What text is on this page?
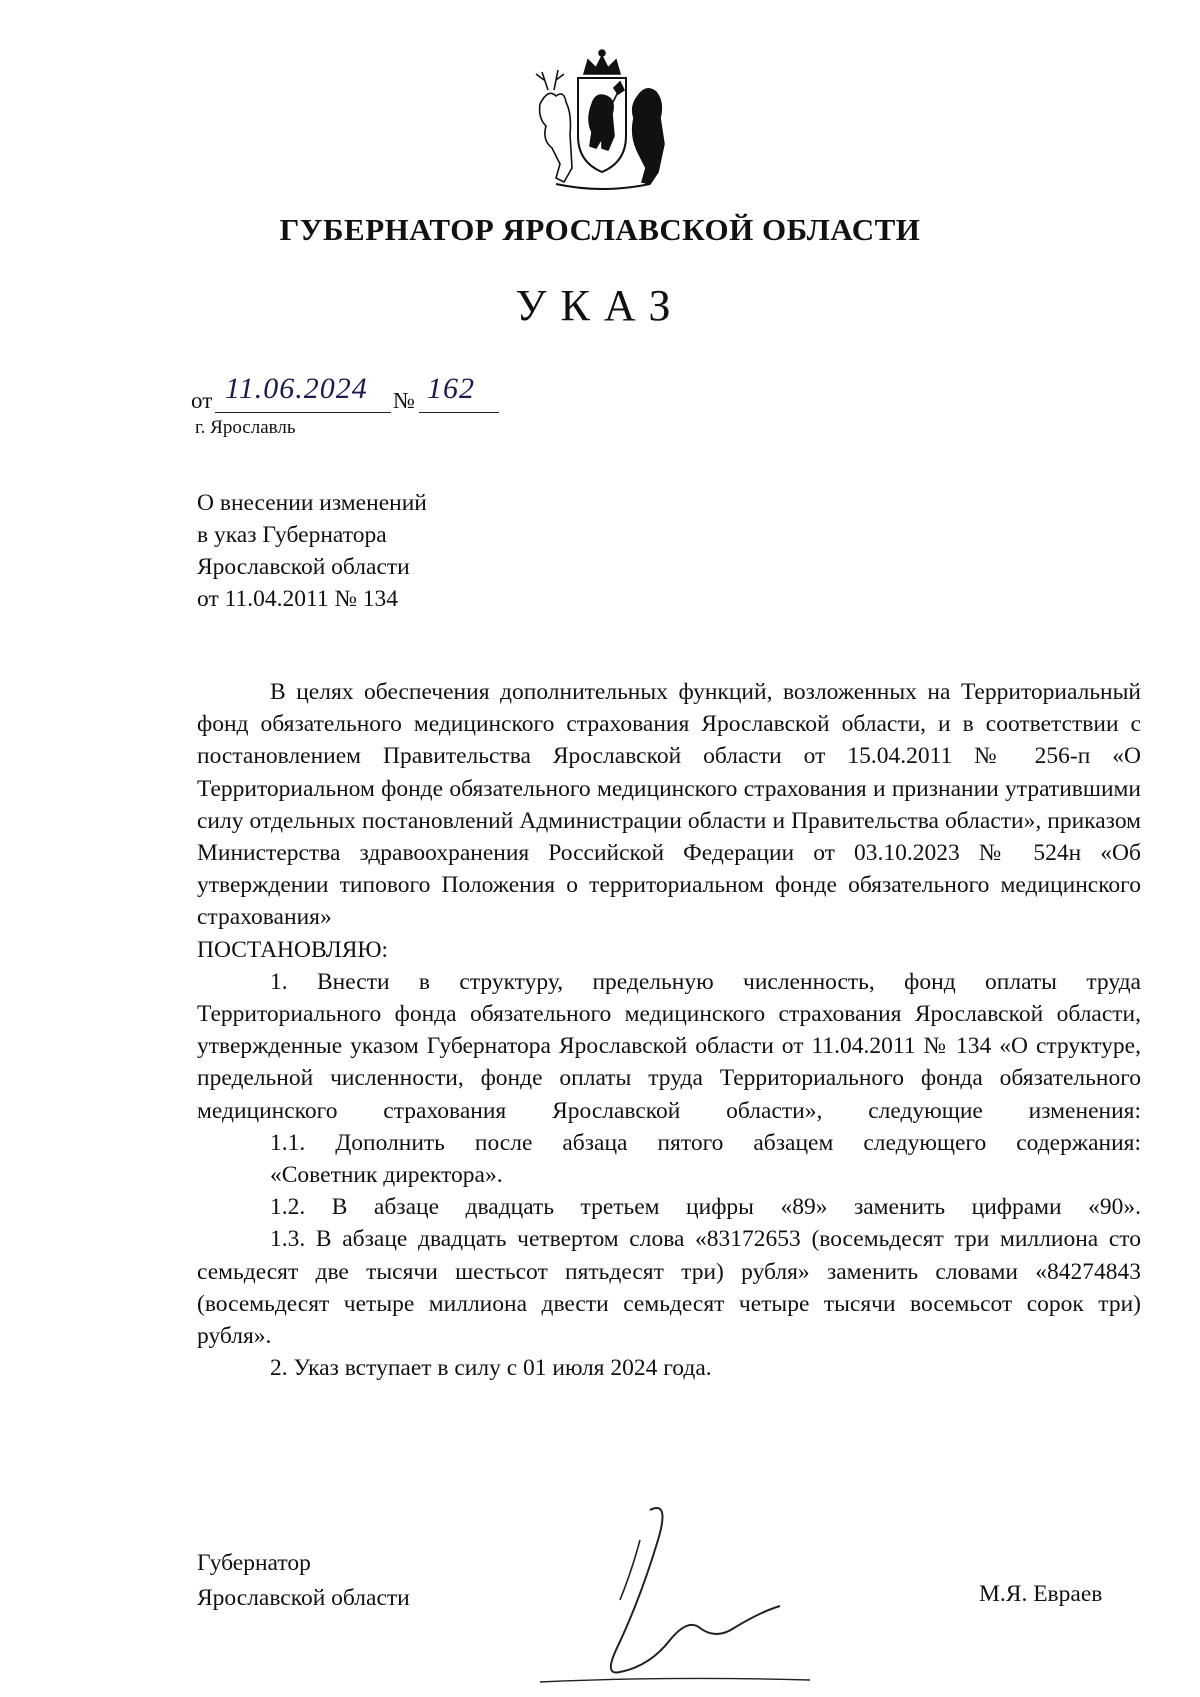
ГУБЕРНАТОР ЯРОСЛАВСКОЙ ОБЛАСТИ
УКАЗ
от 11.06.2024 № 162
г. Ярославль
О внесении изменений
в указ Губернатора
Ярославской области
от 11.04.2011 № 134

В целях обеспечения дополнительных функций, возложенных на Территориальный фонд обязательного медицинского страхования Ярославской области, и в соответствии с постановлением Правительства Ярославской области от 15.04.2011 № 256-п «О Территориальном фонде обязательного медицинского страхования и признании утратившими силу отдельных постановлений Администрации области и Правительства области», приказом Министерства здравоохранения Российской Федерации от 03.10.2023 № 524н «Об утверждении типового Положения о территориальном фонде обязательного медицинского страхования»

ПОСТАНОВЛЯЮ:

1. Внести в структуру, предельную численность, фонд оплаты труда Территориального фонда обязательного медицинского страхования Ярославской области, утвержденные указом Губернатора Ярославской области от 11.04.2011 № 134 «О структуре, предельной численности, фонде оплаты труда Территориального фонда обязательного медицинского страхования Ярославской области», следующие изменения:

1.1. Дополнить после абзаца пятого абзацем следующего содержания:

«Советник директора».

1.2. В абзаце двадцать третьем цифры «89» заменить цифрами «90».

1.3. В абзаце двадцать четвертом слова «83172653 (восемьдесят три миллиона сто семьдесят две тысячи шестьсот пятьдесят три) рубля» заменить словами «84274843 (восемьдесят четыре миллиона двести семьдесят четыре тысячи восемьсот сорок три) рубля».

2. Указ вступает в силу с 01 июля 2024 года.

Губернатор
Ярославской области	М.Я. Евраев
